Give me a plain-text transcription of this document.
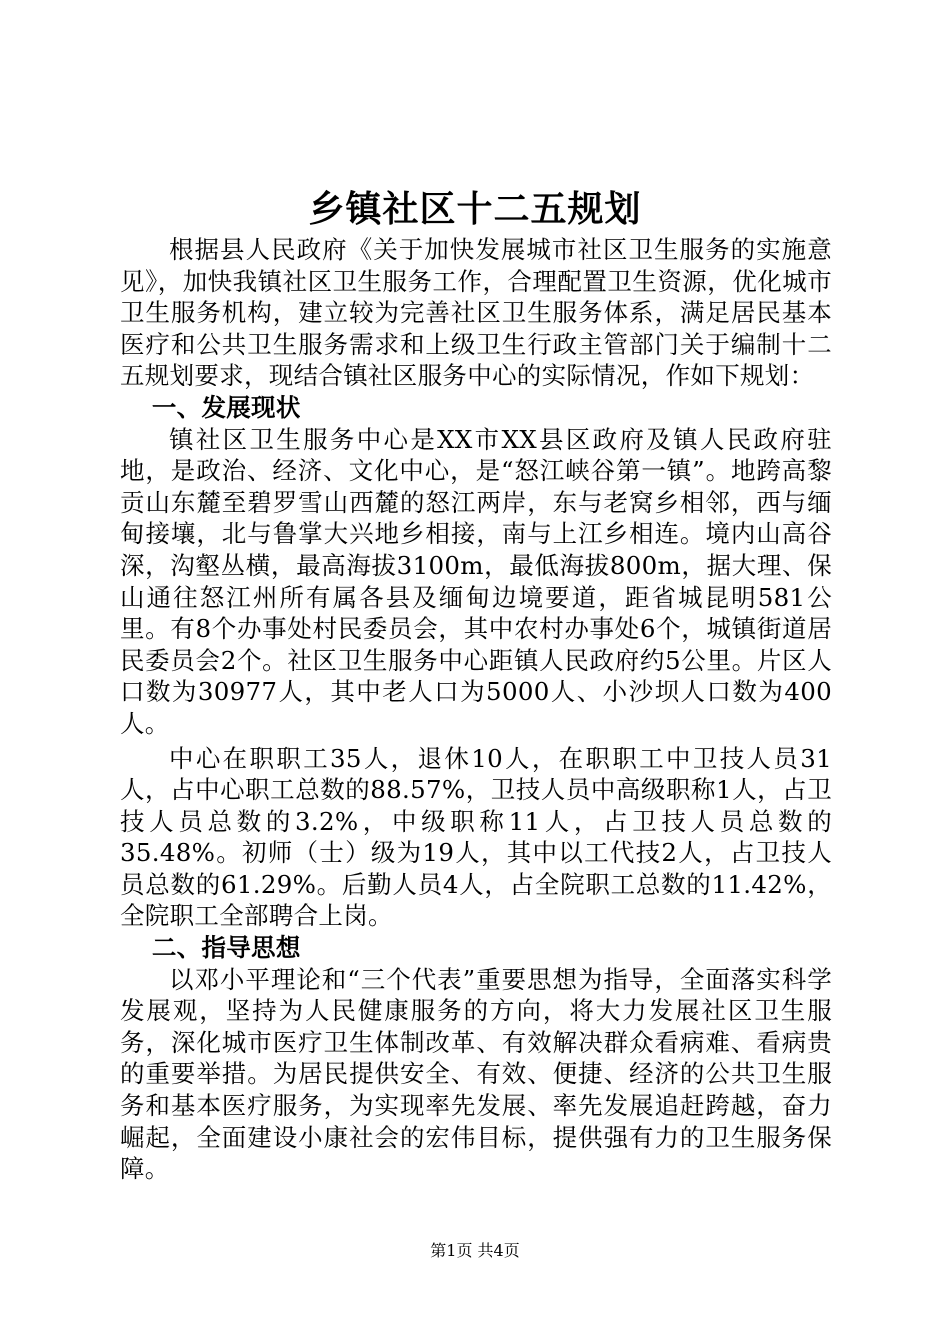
乡镇社区十二五规划

根据县人民政府《关于加快发展城市社区卫生服务的实施意见》，加快我镇社区卫生服务工作，合理配置卫生资源，优化城市卫生服务机构，建立较为完善社区卫生服务体系，满足居民基本医疗和公共卫生服务需求和上级卫生行政主管部门关于编制十二五规划要求，现结合镇社区服务中心的实际情况，作如下规划：

一、发展现状

镇社区卫生服务中心是XX市XX县区政府及镇人民政府驻地，是政治、经济、文化中心，是“怒江峡谷第一镇”。地跨高黎贡山东麓至碧罗雪山西麓的怒江两岸，东与老窝乡相邻，西与缅甸接壤，北与鲁掌大兴地乡相接，南与上江乡相连。境内山高谷深，沟壑丛横，最高海拔3100m，最低海拔800m，据大理、保山通往怒江州所有属各县及缅甸边境要道，距省城昆明581公里。有8个办事处村民委员会，其中农村办事处6个，城镇街道居民委员会2个。社区卫生服务中心距镇人民政府约5公里。片区人口数为30977人，其中老人口为5000人、小沙坝人口数为400人。

中心在职职工35人，退休10人，在职职工中卫技人员31人，占中心职工总数的88.57%，卫技人员中高级职称1人，占卫技人员总数的3.2%，中级职称11人，占卫技人员总数的35.48%。初师（士）级为19人，其中以工代技2人，占卫技人员总数的61.29%。后勤人员4人，占全院职工总数的11.42%，全院职工全部聘合上岗。

二、指导思想

以邓小平理论和“三个代表”重要思想为指导，全面落实科学发展观，坚持为人民健康服务的方向，将大力发展社区卫生服务，深化城市医疗卫生体制改革、有效解决群众看病难、看病贵的重要举措。为居民提供安全、有效、便捷、经济的公共卫生服务和基本医疗服务，为实现率先发展、率先发展追赶跨越，奋力崛起，全面建设小康社会的宏伟目标，提供强有力的卫生服务保障。

第1页 共4页
